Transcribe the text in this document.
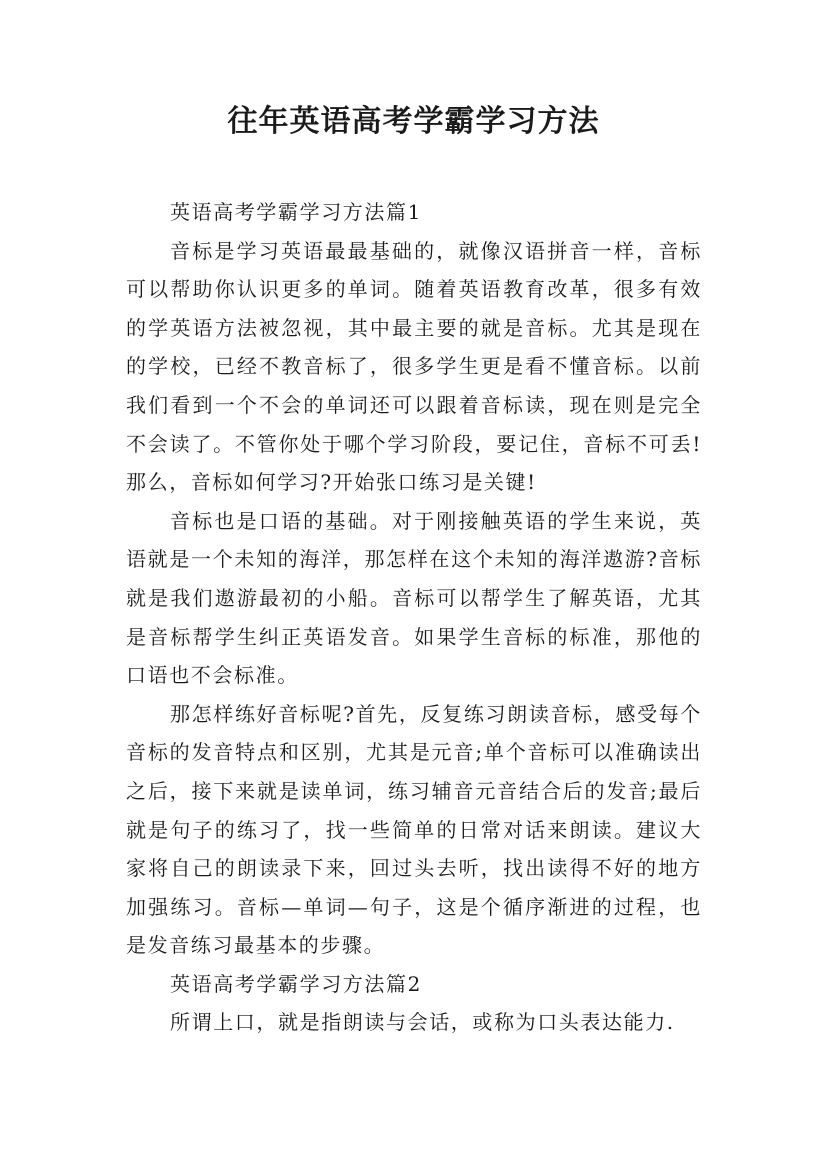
往年英语高考学霸学习方法

英语高考学霸学习方法篇1

音标是学习英语最最基础的，就像汉语拼音一样，音标可以帮助你认识更多的单词。随着英语教育改革，很多有效的学英语方法被忽视，其中最主要的就是音标。尤其是现在的学校，已经不教音标了，很多学生更是看不懂音标。以前我们看到一个不会的单词还可以跟着音标读，现在则是完全不会读了。不管你处于哪个学习阶段，要记住，音标不可丢!那么，音标如何学习?开始张口练习是关键!

音标也是口语的基础。对于刚接触英语的学生来说，英语就是一个未知的海洋，那怎样在这个未知的海洋遨游?音标就是我们遨游最初的小船。音标可以帮学生了解英语，尤其是音标帮学生纠正英语发音。如果学生音标的标准，那他的口语也不会标准。

那怎样练好音标呢?首先，反复练习朗读音标，感受每个音标的发音特点和区别，尤其是元音;单个音标可以准确读出之后，接下来就是读单词，练习辅音元音结合后的发音;最后就是句子的练习了，找一些简单的日常对话来朗读。建议大家将自己的朗读录下来，回过头去听，找出读得不好的地方加强练习。音标—单词—句子，这是个循序渐进的过程，也是发音练习最基本的步骤。

英语高考学霸学习方法篇2

所谓上口，就是指朗读与会话，或称为口头表达能力.
